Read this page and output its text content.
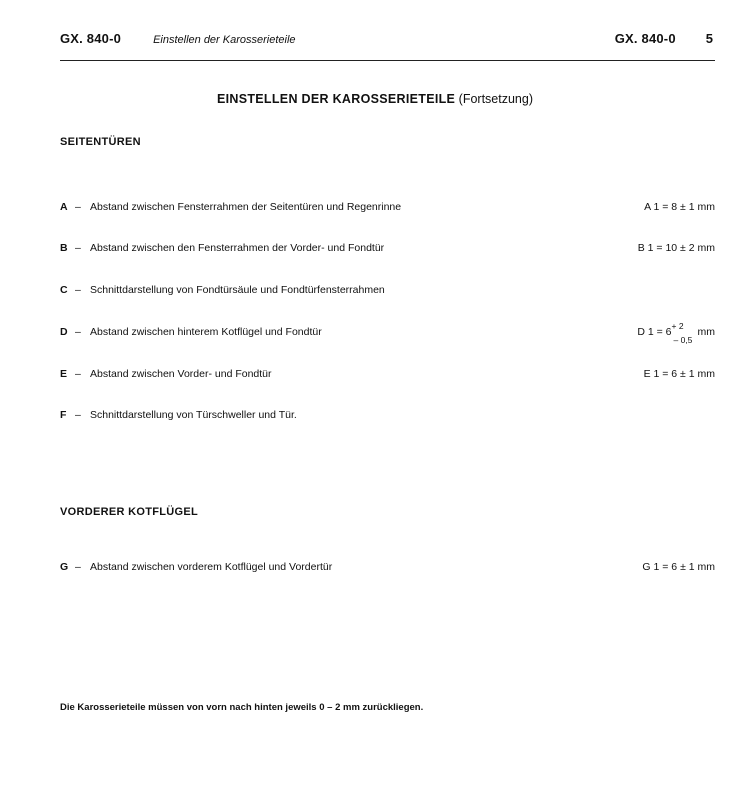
GX. 840-0	Einstellen der Karosserieteile	GX. 840-0 5
EINSTELLEN DER KAROSSERIETEILE (Fortsetzung)
SEITENTÜREN
A – Abstand zwischen Fensterrahmen der Seitentüren und Regenrinne	A 1 = 8 ± 1 mm
B – Abstand zwischen den Fensterrahmen der Vorder- und Fondtür	B 1 = 10 ± 2 mm
C – Schnittdarstellung von Fondtürsäule und Fondtürfensterrahmen
D – Abstand zwischen hinterem Kotflügel und Fondtür	D 1 = 6 + 2
– 0,5
mm
E – Abstand zwischen Vorder- und Fondtür	E 1 = 6 ± 1 mm
F – Schnittdarstellung von Türschweller und Tür.
VORDERER KOTFLÜGEL
G – Abstand zwischen vorderem Kotflügel und Vordertür	G 1 = 6 ± 1 mm
Die Karosserieteile müssen von vorn nach hinten jeweils 0 – 2 mm zurückliegen.
